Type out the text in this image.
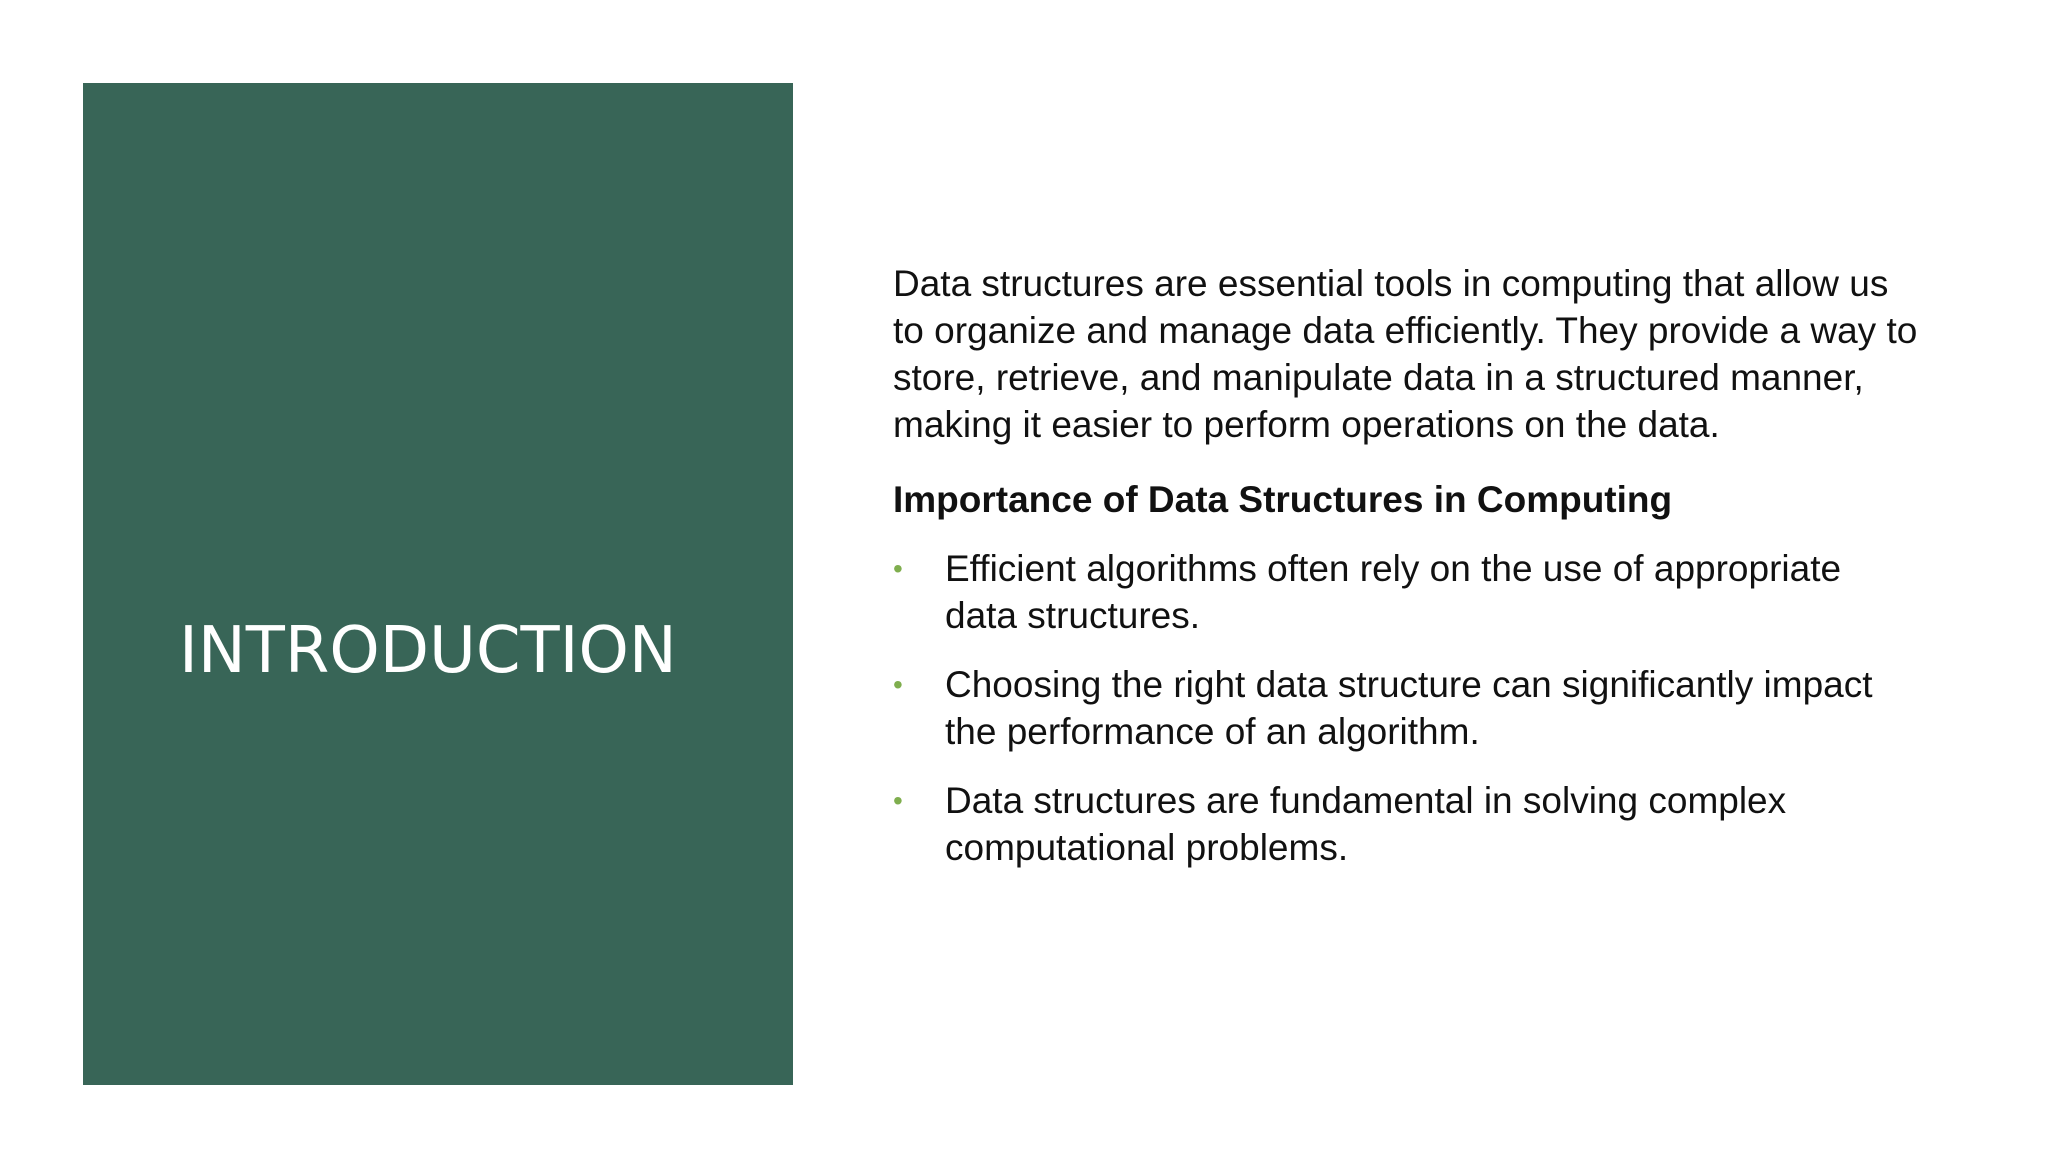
INTRODUCTION

Data structures are essential tools in computing that allow us to organize and manage data efficiently. They provide a way to store, retrieve, and manipulate data in a structured manner, making it easier to perform operations on the data.

Importance of Data Structures in Computing

• Efficient algorithms often rely on the use of appropriate data structures.
• Choosing the right data structure can significantly impact the performance of an algorithm.
• Data structures are fundamental in solving complex computational problems.
